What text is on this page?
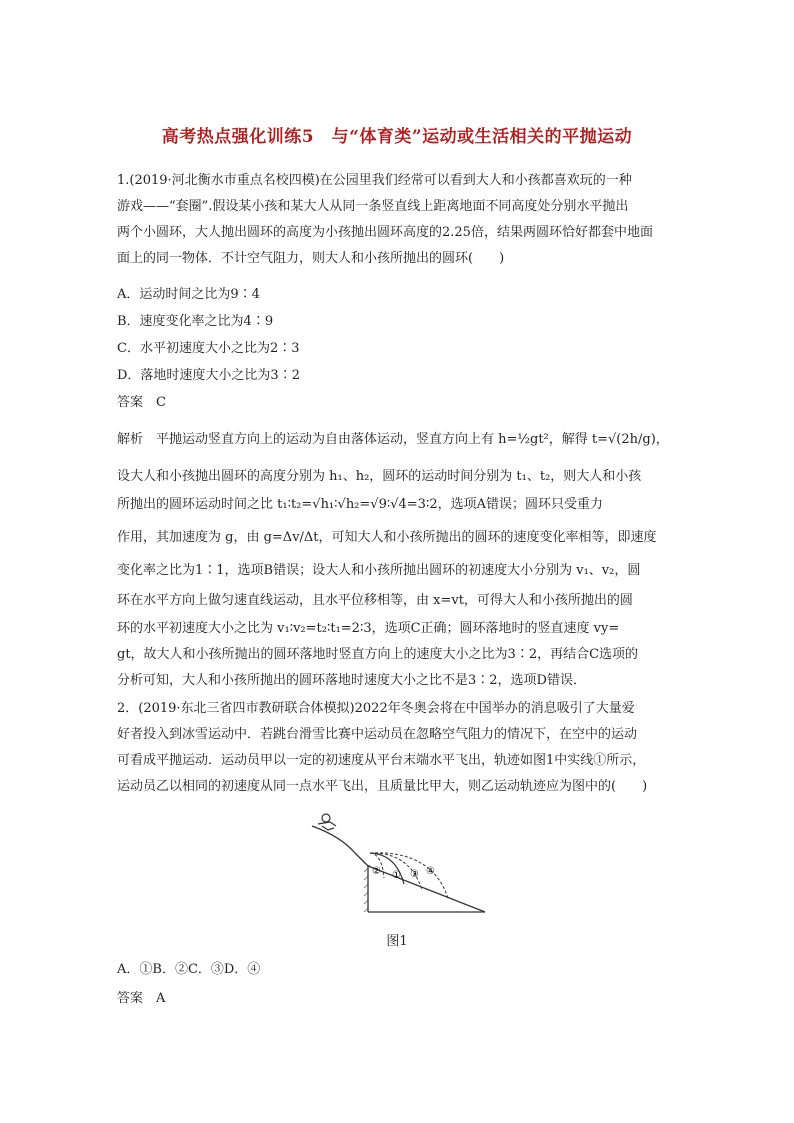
高考热点强化训练5　与“体育类”运动或生活相关的平抛运动
1.(2019·河北衡水市重点名校四模)在公园里我们经常可以看到大人和小孩都喜欢玩的一种
游戏——“套圈”.假设某小孩和某大人从同一条竖直线上距离地面不同高度处分别水平抛出
两个小圆环，大人抛出圆环的高度为小孩抛出圆环高度的2.25倍，结果两圆环恰好都套中地面
面上的同一物体．不计空气阻力，则大人和小孩所抛出的圆环(　　)
A．运动时间之比为9∶4
B．速度变化率之比为4∶9
C．水平初速度大小之比为2∶3
D．落地时速度大小之比为3∶2
答案　C
解析　平抛运动竖直方向上的运动为自由落体运动，竖直方向上有 h=½gt²，解得 t=√(2h/g)，
设大人和小孩抛出圆环的高度分别为 h₁、h₂，圆环的运动时间分别为 t₁、t₂，则大人和小孩
所抛出的圆环运动时间之比 t₁∶t₂=√h₁∶√h₂=√9∶√4=3∶2，选项A错误；圆环只受重力
作用，其加速度为 g，由 g=Δv/Δt，可知大人和小孩所抛出的圆环的速度变化率相等，即速度
变化率之比为1∶1，选项B错误；设大人和小孩所抛出圆环的初速度大小分别为 v₁、v₂，圆
环在水平方向上做匀速直线运动，且水平位移相等，由 x=vt，可得大人和小孩所抛出的圆
环的水平初速度大小之比为 v₁∶v₂=t₂∶t₁=2∶3，选项C正确；圆环落地时的竖直速度 vy=
gt，故大人和小孩所抛出的圆环落地时竖直方向上的速度大小之比为3∶2，再结合C选项的
分析可知，大人和小孩所抛出的圆环落地时速度大小之比不是3∶2，选项D错误．
2．(2019·东北三省四市教研联合体模拟)2022年冬奥会将在中国举办的消息吸引了大量爱
好者投入到冰雪运动中．若跳台滑雪比赛中运动员在忽略空气阻力的情况下，在空中的运动
可看成平抛运动．运动员甲以一定的初速度从平台末端水平飞出，轨迹如图1中实线①所示，
运动员乙以相同的初速度从同一点水平飞出，且质量比甲大，则乙运动轨迹应为图中的(　　)
② ① ③ ④
图1
A．①B．②C．③D．④
答案　A
